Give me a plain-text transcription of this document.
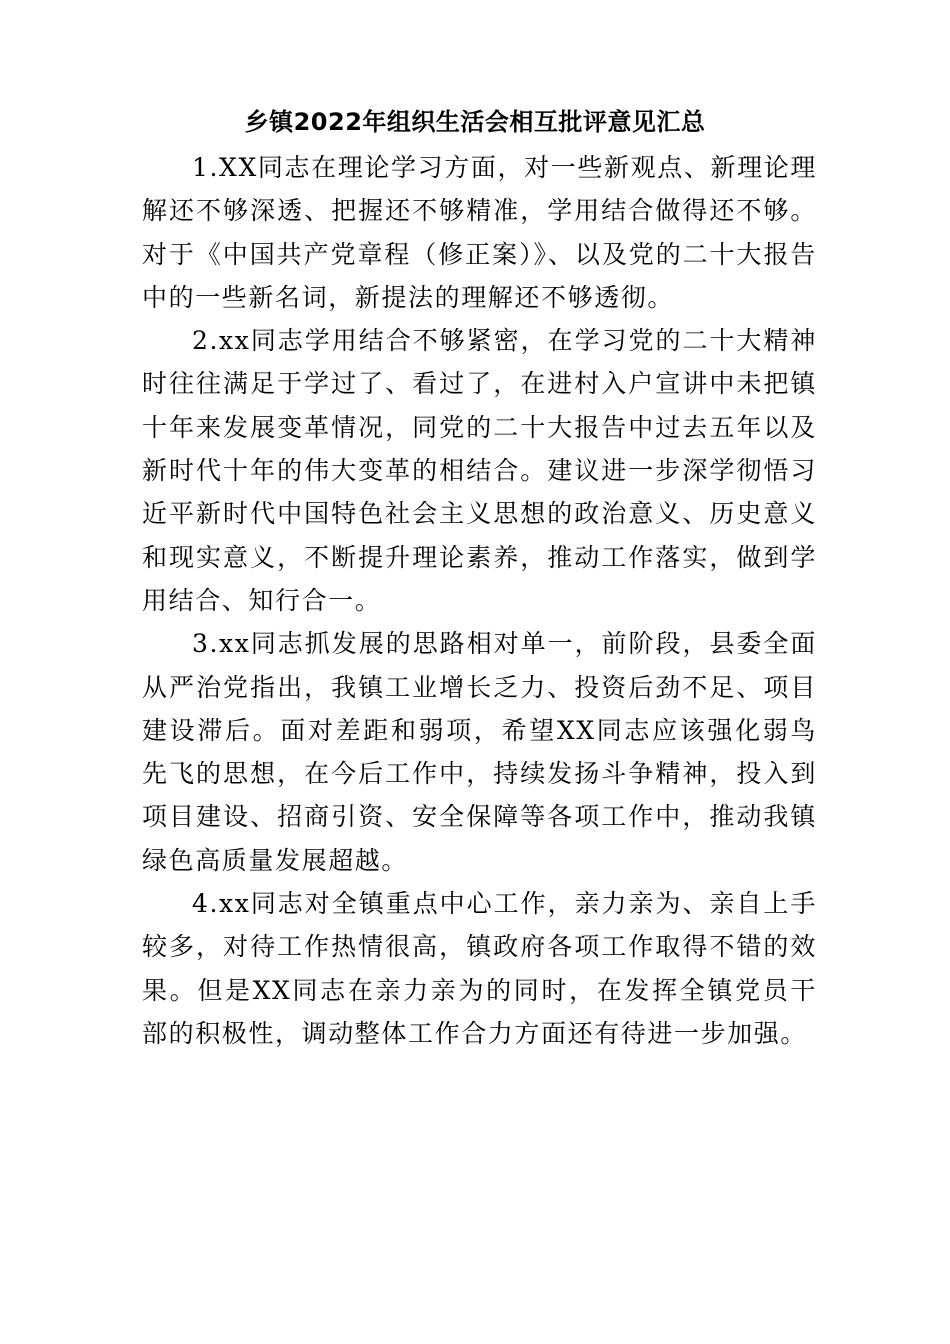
乡镇2022年组织生活会相互批评意见汇总

1.XX同志在理论学习方面，对一些新观点、新理论理解还不够深透、把握还不够精准，学用结合做得还不够。对于《中国共产党章程（修正案）》、以及党的二十大报告中的一些新名词，新提法的理解还不够透彻。

2.xx同志学用结合不够紧密，在学习党的二十大精神时往往满足于学过了、看过了，在进村入户宣讲中未把镇十年来发展变革情况，同党的二十大报告中过去五年以及新时代十年的伟大变革的相结合。建议进一步深学彻悟习近平新时代中国特色社会主义思想的政治意义、历史意义和现实意义，不断提升理论素养，推动工作落实，做到学用结合、知行合一。

3.xx同志抓发展的思路相对单一，前阶段，县委全面从严治党指出，我镇工业增长乏力、投资后劲不足、项目建设滞后。面对差距和弱项，希望XX同志应该强化弱鸟先飞的思想，在今后工作中，持续发扬斗争精神，投入到项目建设、招商引资、安全保障等各项工作中，推动我镇绿色高质量发展超越。

4.xx同志对全镇重点中心工作，亲力亲为、亲自上手较多，对待工作热情很高，镇政府各项工作取得不错的效果。但是XX同志在亲力亲为的同时，在发挥全镇党员干部的积极性，调动整体工作合力方面还有待进一步加强。
